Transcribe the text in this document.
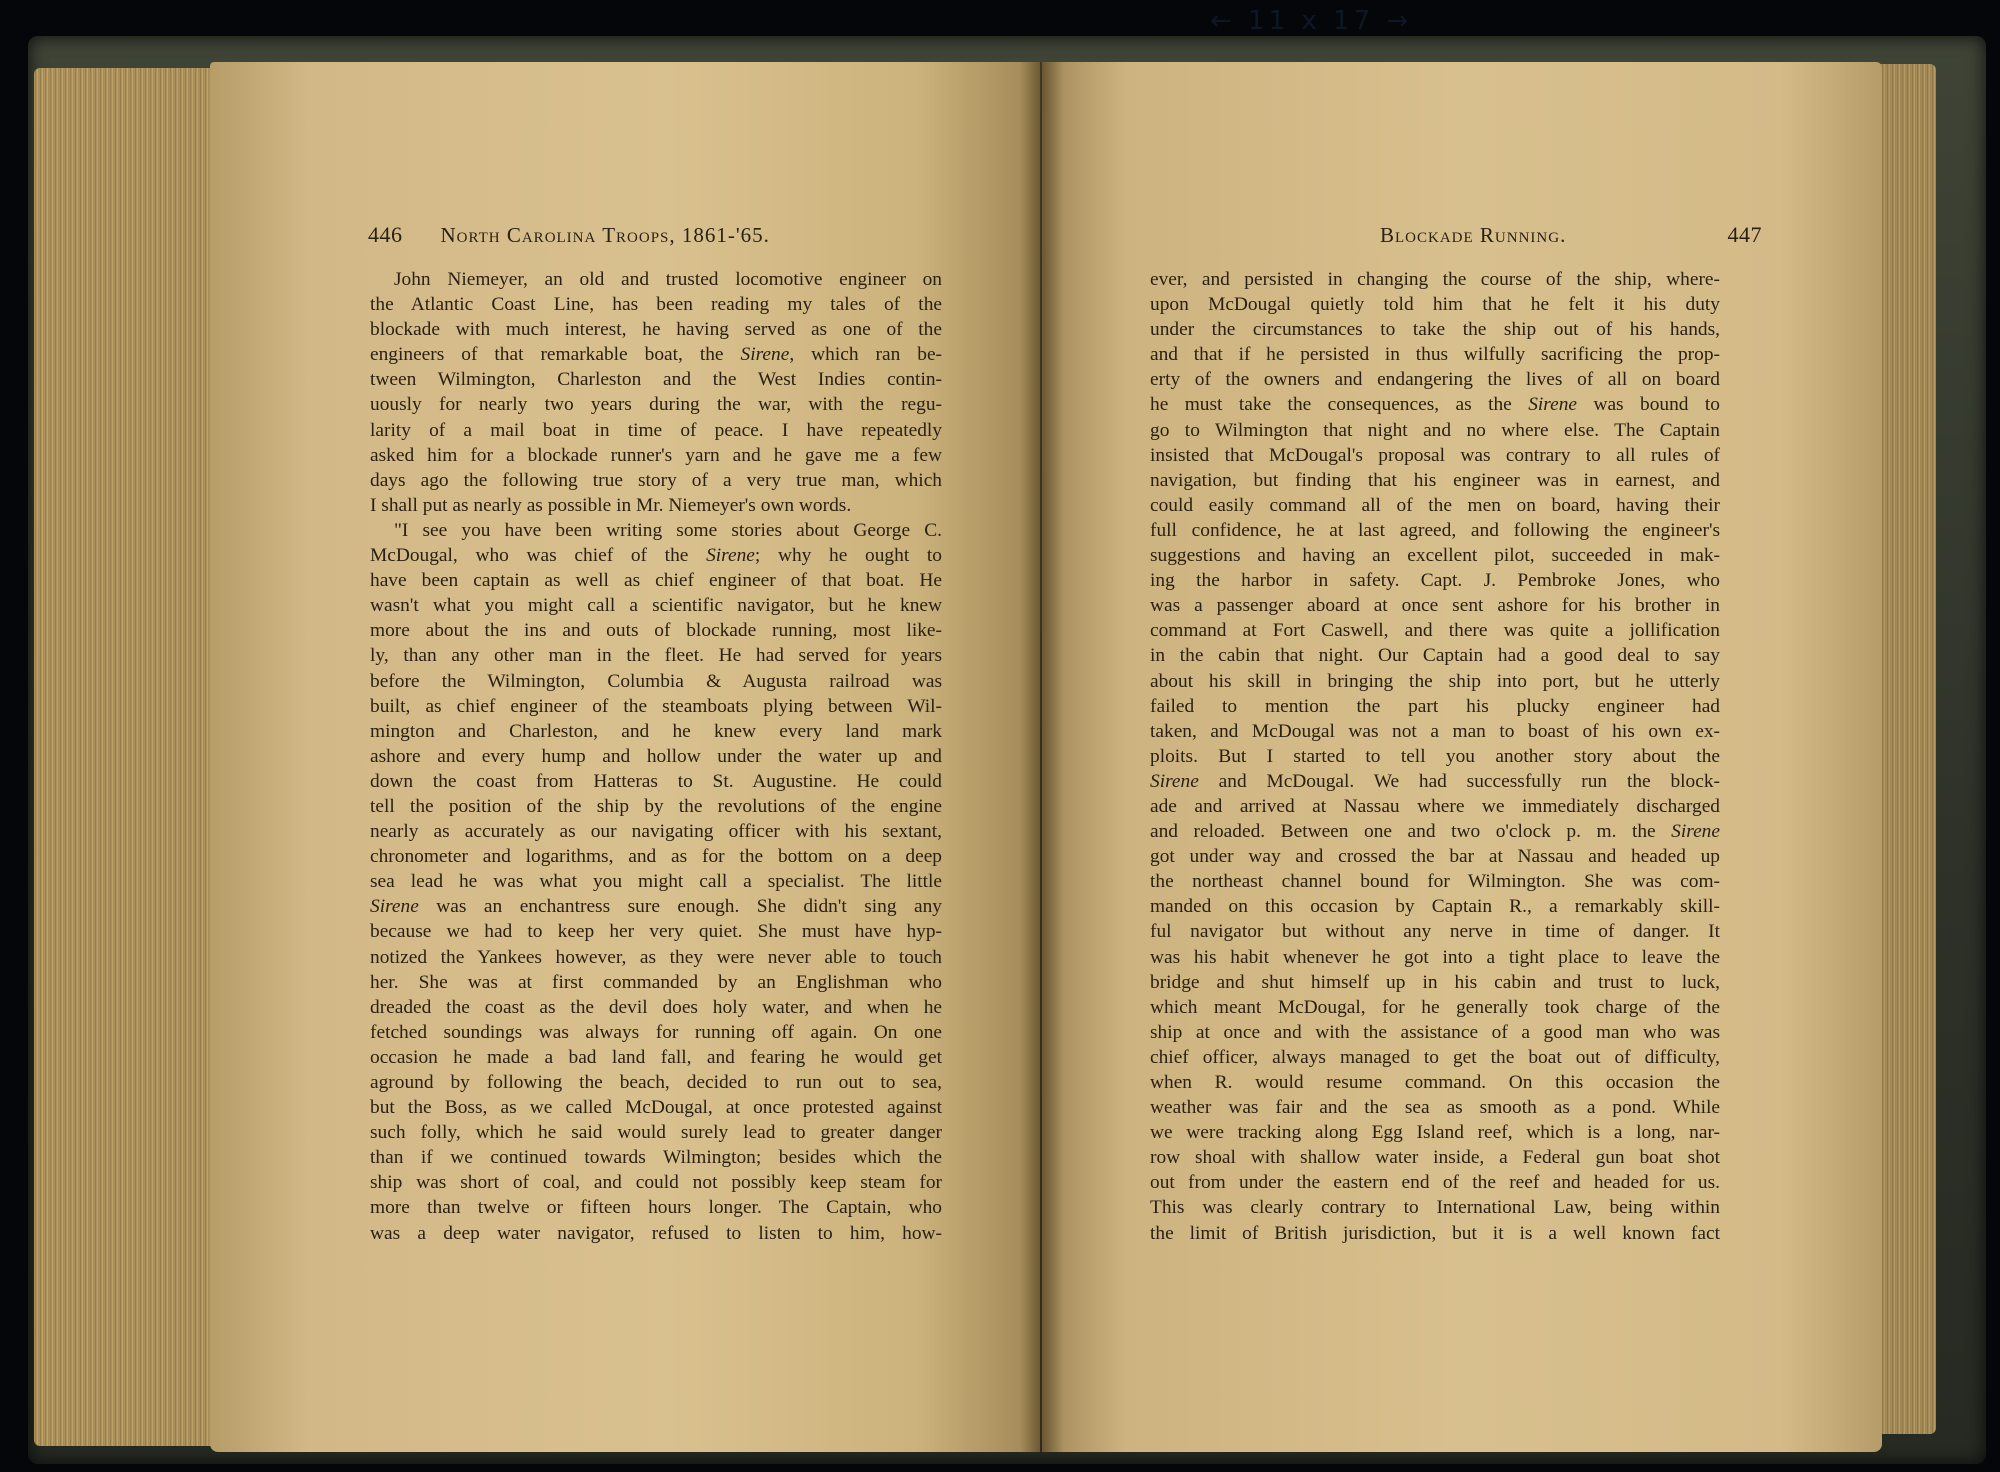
← 11 x 17 →
446 North Carolina Troops, 1861-'65.
John Niemeyer, an old and trusted locomotive engineer on
the Atlantic Coast Line, has been reading my tales of the
blockade with much interest, he having served as one of the
engineers of that remarkable boat, the Sirene, which ran be-
tween Wilmington, Charleston and the West Indies contin-
uously for nearly two years during the war, with the regu-
larity of a mail boat in time of peace. I have repeatedly
asked him for a blockade runner's yarn and he gave me a few
days ago the following true story of a very true man, which
I shall put as nearly as possible in Mr. Niemeyer's own words.
"I see you have been writing some stories about George C.
McDougal, who was chief of the Sirene; why he ought to
have been captain as well as chief engineer of that boat. He
wasn't what you might call a scientific navigator, but he knew
more about the ins and outs of blockade running, most like-
ly, than any other man in the fleet. He had served for years
before the Wilmington, Columbia & Augusta railroad was
built, as chief engineer of the steamboats plying between Wil-
mington and Charleston, and he knew every land mark
ashore and every hump and hollow under the water up and
down the coast from Hatteras to St. Augustine. He could
tell the position of the ship by the revolutions of the engine
nearly as accurately as our navigating officer with his sextant,
chronometer and logarithms, and as for the bottom on a deep
sea lead he was what you might call a specialist. The little
Sirene was an enchantress sure enough. She didn't sing any
because we had to keep her very quiet. She must have hyp-
notized the Yankees however, as they were never able to touch
her. She was at first commanded by an Englishman who
dreaded the coast as the devil does holy water, and when he
fetched soundings was always for running off again. On one
occasion he made a bad land fall, and fearing he would get
aground by following the beach, decided to run out to sea,
but the Boss, as we called McDougal, at once protested against
such folly, which he said would surely lead to greater danger
than if we continued towards Wilmington; besides which the
ship was short of coal, and could not possibly keep steam for
more than twelve or fifteen hours longer. The Captain, who
was a deep water navigator, refused to listen to him, how-
Blockade Running.	447
ever, and persisted in changing the course of the ship, where-
upon McDougal quietly told him that he felt it his duty
under the circumstances to take the ship out of his hands,
and that if he persisted in thus wilfully sacrificing the prop-
erty of the owners and endangering the lives of all on board
he must take the consequences, as the Sirene was bound to
go to Wilmington that night and no where else. The Captain
insisted that McDougal's proposal was contrary to all rules of
navigation, but finding that his engineer was in earnest, and
could easily command all of the men on board, having their
full confidence, he at last agreed, and following the engineer's
suggestions and having an excellent pilot, succeeded in mak-
ing the harbor in safety. Capt. J. Pembroke Jones, who
was a passenger aboard at once sent ashore for his brother in
command at Fort Caswell, and there was quite a jollification
in the cabin that night. Our Captain had a good deal to say
about his skill in bringing the ship into port, but he utterly
failed to mention the part his plucky engineer had
taken, and McDougal was not a man to boast of his own ex-
ploits. But I started to tell you another story about the
Sirene and McDougal. We had successfully run the block-
ade and arrived at Nassau where we immediately discharged
and reloaded. Between one and two o'clock p. m. the Sirene
got under way and crossed the bar at Nassau and headed up
the northeast channel bound for Wilmington. She was com-
manded on this occasion by Captain R., a remarkably skill-
ful navigator but without any nerve in time of danger. It
was his habit whenever he got into a tight place to leave the
bridge and shut himself up in his cabin and trust to luck,
which meant McDougal, for he generally took charge of the
ship at once and with the assistance of a good man who was
chief officer, always managed to get the boat out of difficulty,
when R. would resume command. On this occasion the
weather was fair and the sea as smooth as a pond. While
we were tracking along Egg Island reef, which is a long, nar-
row shoal with shallow water inside, a Federal gun boat shot
out from under the eastern end of the reef and headed for us.
This was clearly contrary to International Law, being within
the limit of British jurisdiction, but it is a well known fact
